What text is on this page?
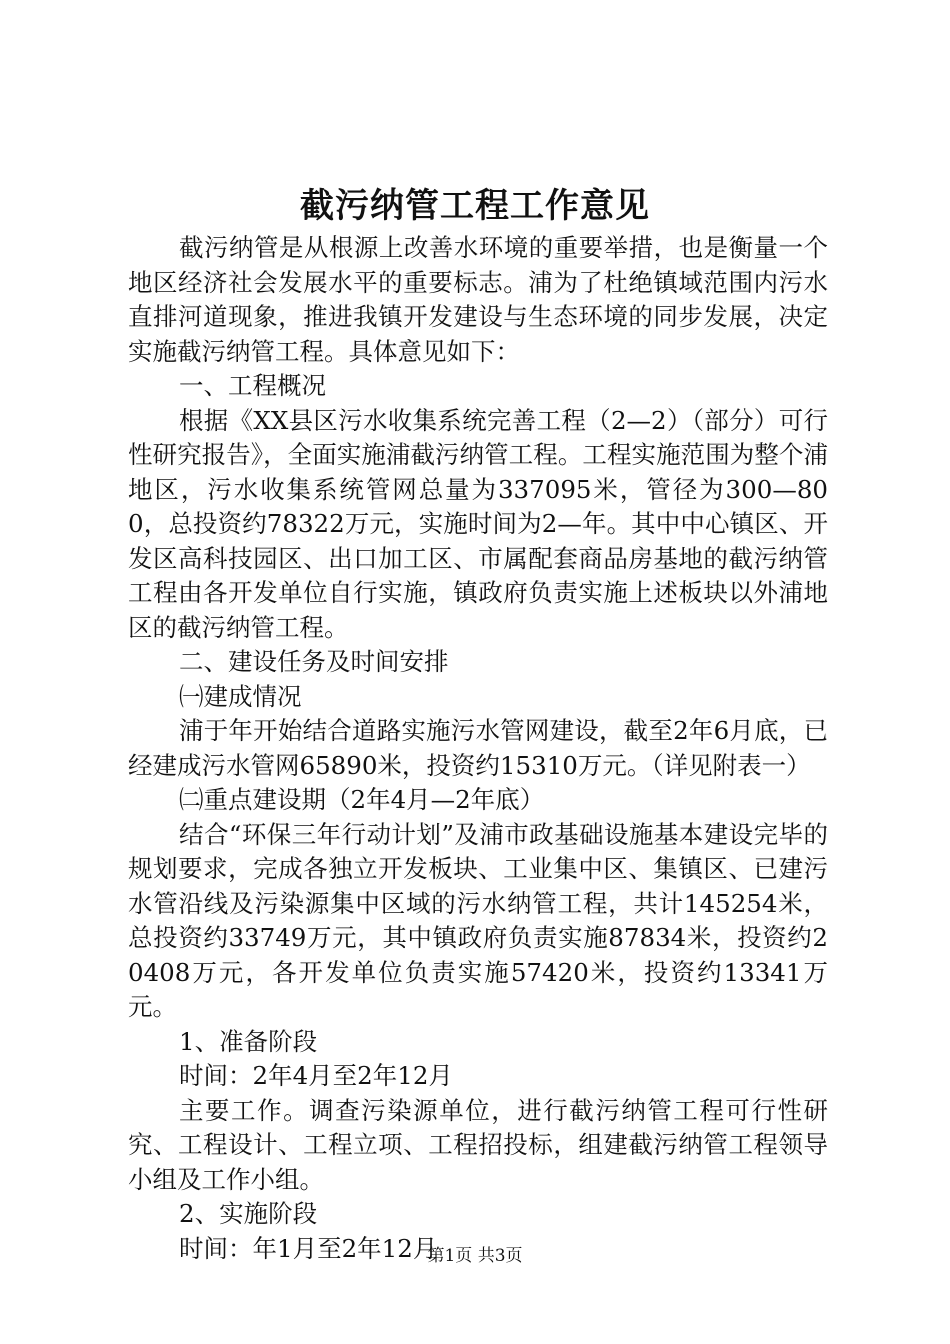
截污纳管工程工作意见

截污纳管是从根源上改善水环境的重要举措，也是衡量一个地区经济社会发展水平的重要标志。浦为了杜绝镇域范围内污水直排河道现象，推进我镇开发建设与生态环境的同步发展，决定实施截污纳管工程。具体意见如下：

一、工程概况

根据《XX县区污水收集系统完善工程（2—2）（部分）可行性研究报告》，全面实施浦截污纳管工程。工程实施范围为整个浦地区，污水收集系统管网总量为337095米，管径为300—800，总投资约78322万元，实施时间为2—年。其中中心镇区、开发区高科技园区、出口加工区、市属配套商品房基地的截污纳管工程由各开发单位自行实施，镇政府负责实施上述板块以外浦地区的截污纳管工程。

二、建设任务及时间安排

㈠建成情况

浦于年开始结合道路实施污水管网建设，截至2年6月底，已经建成污水管网65890米，投资约15310万元。（详见附表一）

㈡重点建设期（2年4月—2年底）

结合“环保三年行动计划”及浦市政基础设施基本建设完毕的规划要求，完成各独立开发板块、工业集中区、集镇区、已建污水管沿线及污染源集中区域的污水纳管工程，共计145254米，总投资约33749万元，其中镇政府负责实施87834米，投资约20408万元，各开发单位负责实施57420米，投资约13341万元。

1、准备阶段

时间：2年4月至2年12月

主要工作。调查污染源单位，进行截污纳管工程可行性研究、工程设计、工程立项、工程招投标，组建截污纳管工程领导小组及工作小组。

2、实施阶段

时间：年1月至2年12月

第1页 共3页
